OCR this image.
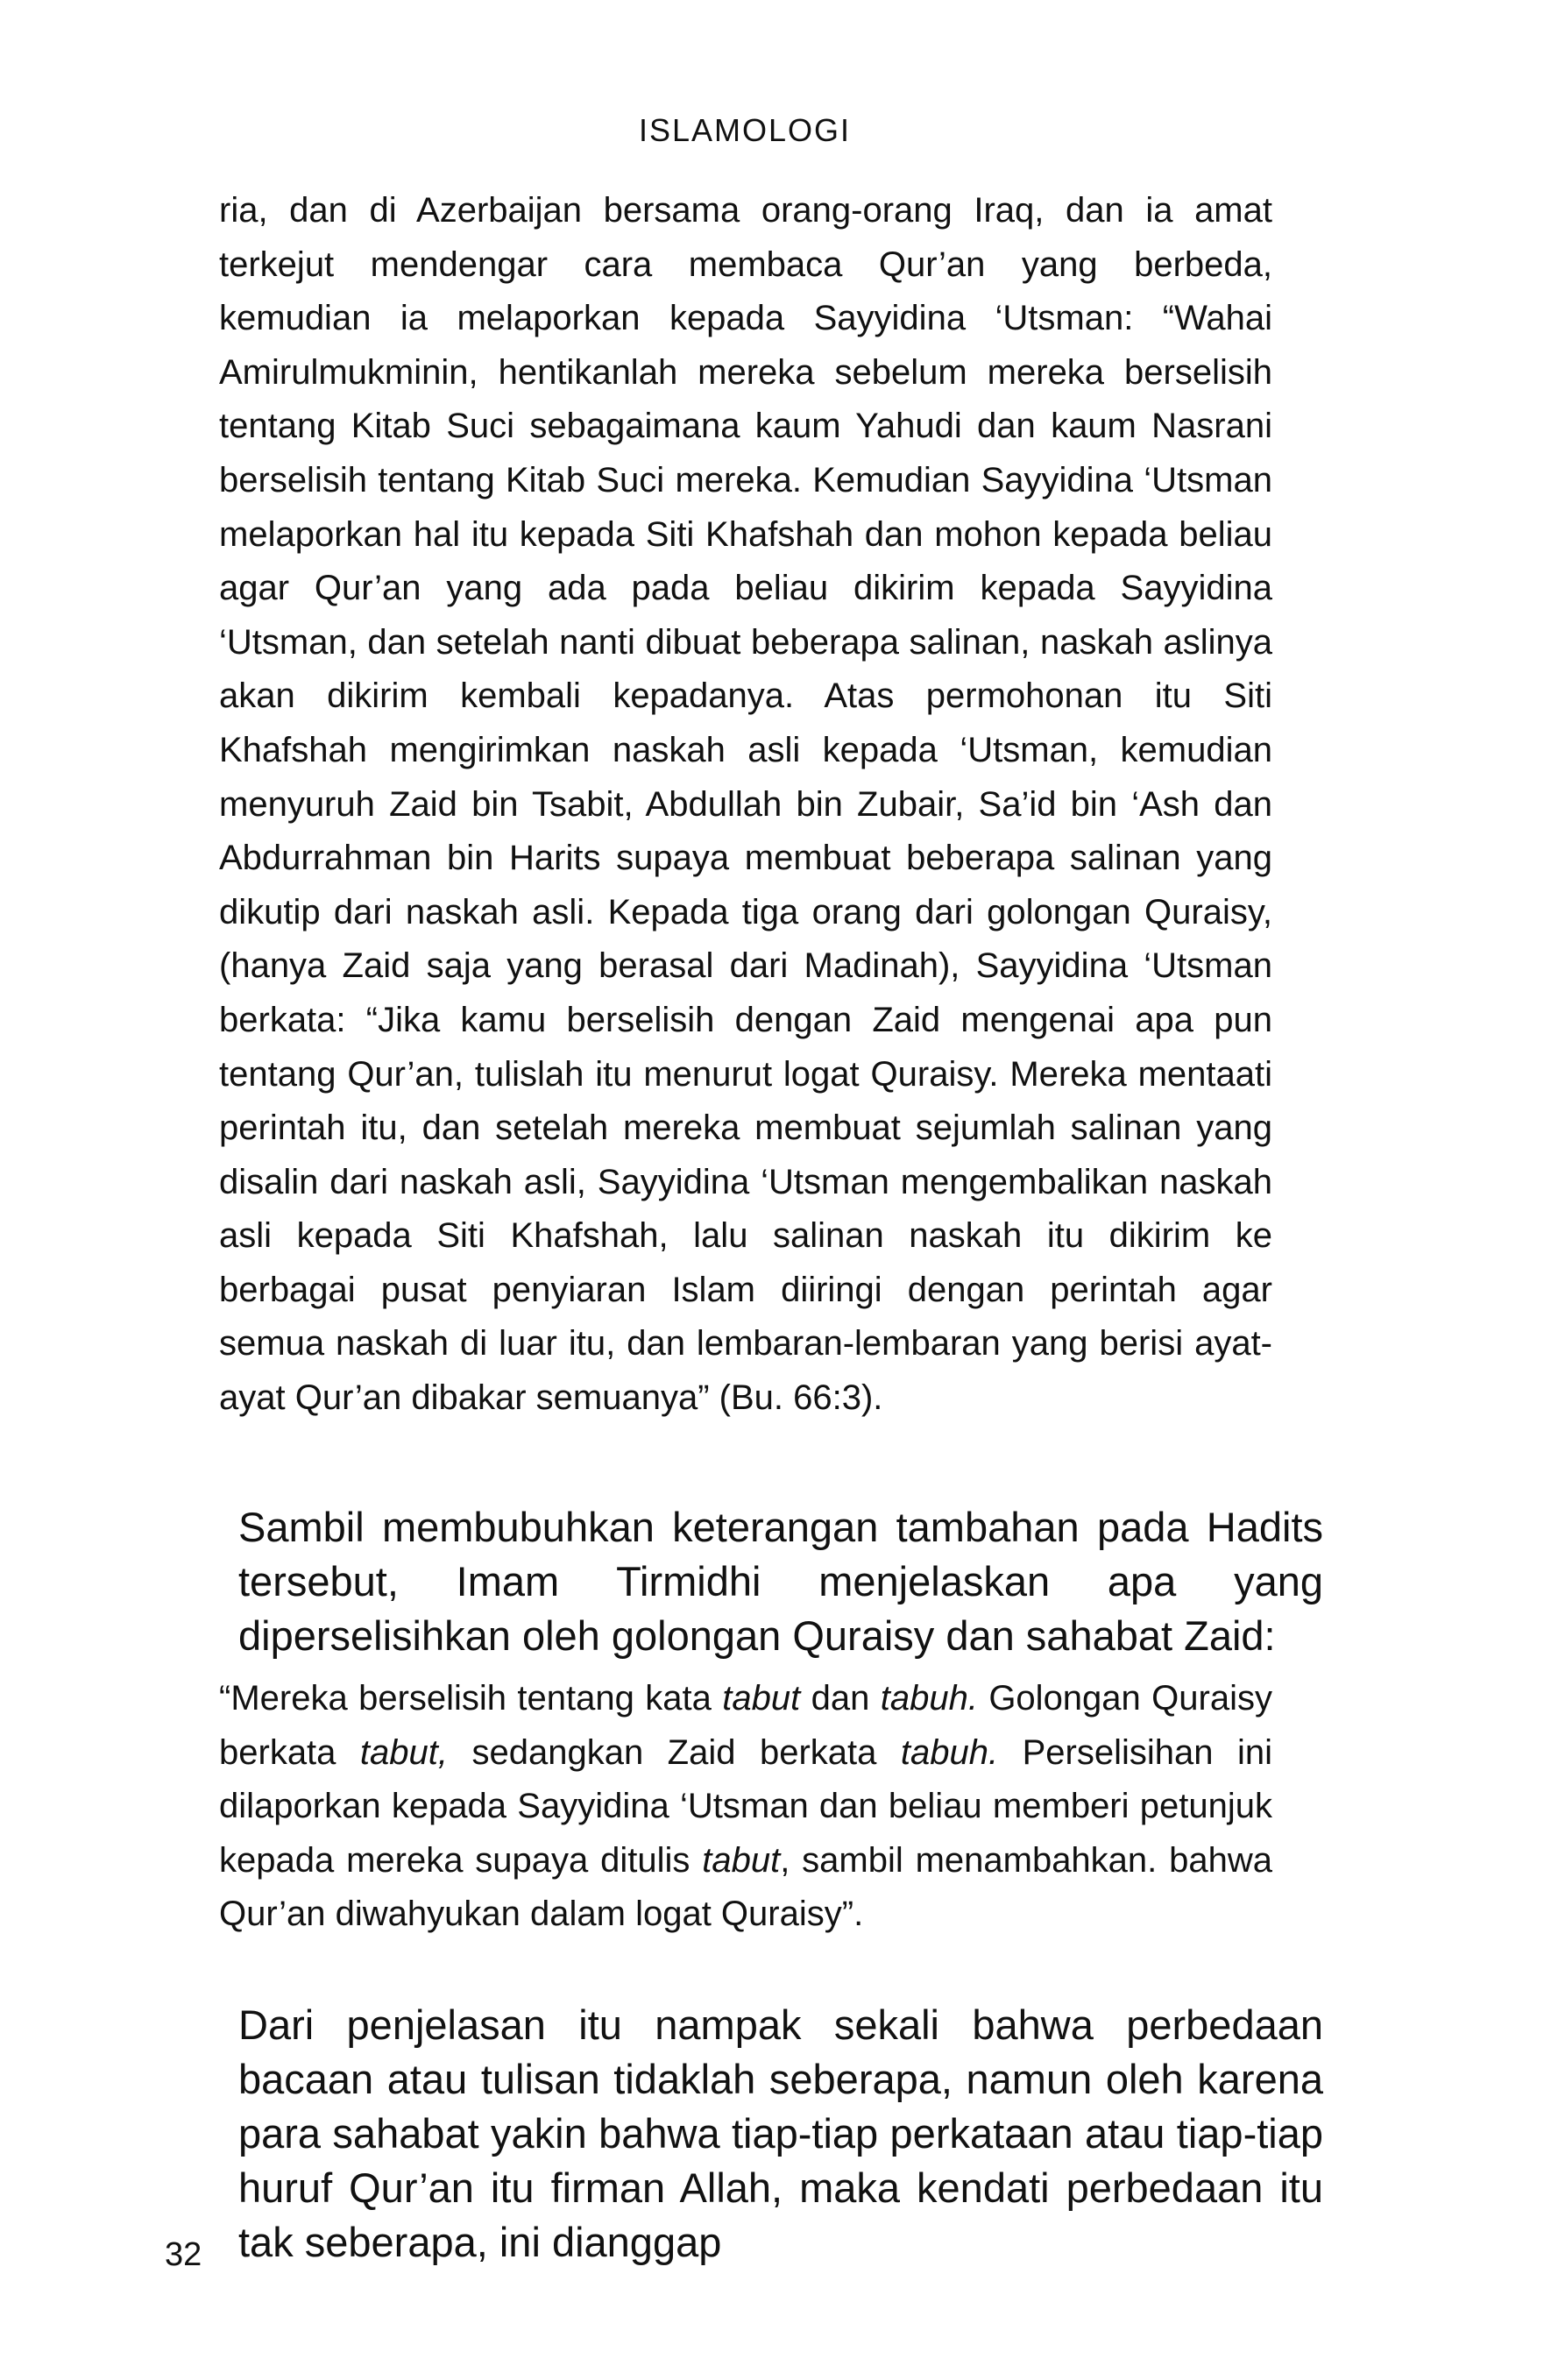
ISLAMOLOGI

ria, dan di Azerbaijan bersama orang-orang Iraq, dan ia amat terkejut mendengar cara membaca Qur’an yang berbeda, kemudian ia melaporkan kepada Sayyidina ‘Utsman: “Wahai Amirulmukminin, hentikanlah mereka sebelum mereka berselisih tentang Kitab Suci sebagaimana kaum Yahudi dan kaum Nasrani berselisih tentang Kitab Suci mereka. Kemudian Sayyidina ‘Utsman melaporkan hal itu kepada Siti Khafshah dan mohon kepada beliau agar Qur’an yang ada pada beliau dikirim kepada Sayyidina ‘Utsman, dan setelah nanti dibuat beberapa salinan, naskah aslinya akan dikirim kembali kepadanya. Atas permohonan itu Siti Khafshah mengirimkan naskah asli kepada ‘Utsman, kemudian menyuruh Zaid bin Tsabit, Abdullah bin Zubair, Sa’id bin ‘Ash dan Abdurrahman bin Harits supaya membuat beberapa salinan yang dikutip dari naskah asli. Kepada tiga orang dari golongan Quraisy, (hanya Zaid saja yang berasal dari Madinah), Sayyidina ‘Utsman berkata: “Jika kamu berselisih dengan Zaid mengenai apa pun tentang Qur’an, tulislah itu menurut logat Quraisy. Mereka mentaati perintah itu, dan setelah mereka membuat sejumlah salinan yang disalin dari naskah asli, Sayyidina ‘Utsman mengembalikan naskah asli kepada Siti Khafshah, lalu salinan naskah itu dikirim ke berbagai pusat penyiaran Islam diiringi dengan perintah agar semua naskah di luar itu, dan lembaran-lembaran yang berisi ayat-ayat Qur’an dibakar semuanya” (Bu. 66:3).

Sambil membubuhkan keterangan tambahan pada Hadits tersebut, Imam Tirmidhi menjelaskan apa yang diperselisihkan oleh golongan Quraisy dan sahabat Zaid:

“Mereka berselisih tentang kata tabut dan tabuh. Golongan Quraisy berkata tabut, sedangkan Zaid berkata tabuh. Perselisihan ini dilaporkan kepada Sayyidina ‘Utsman dan beliau memberi petunjuk kepada mereka supaya ditulis tabut, sambil menambahkan. bahwa Qur’an diwahyukan dalam logat Quraisy”.

Dari penjelasan itu nampak sekali bahwa perbedaan bacaan atau tulisan tidaklah seberapa, namun oleh karena para sahabat yakin bahwa tiap-tiap perkataan atau tiap-tiap huruf Qur’an itu firman Allah, maka kendati perbedaan itu tak seberapa, ini dianggap

32
